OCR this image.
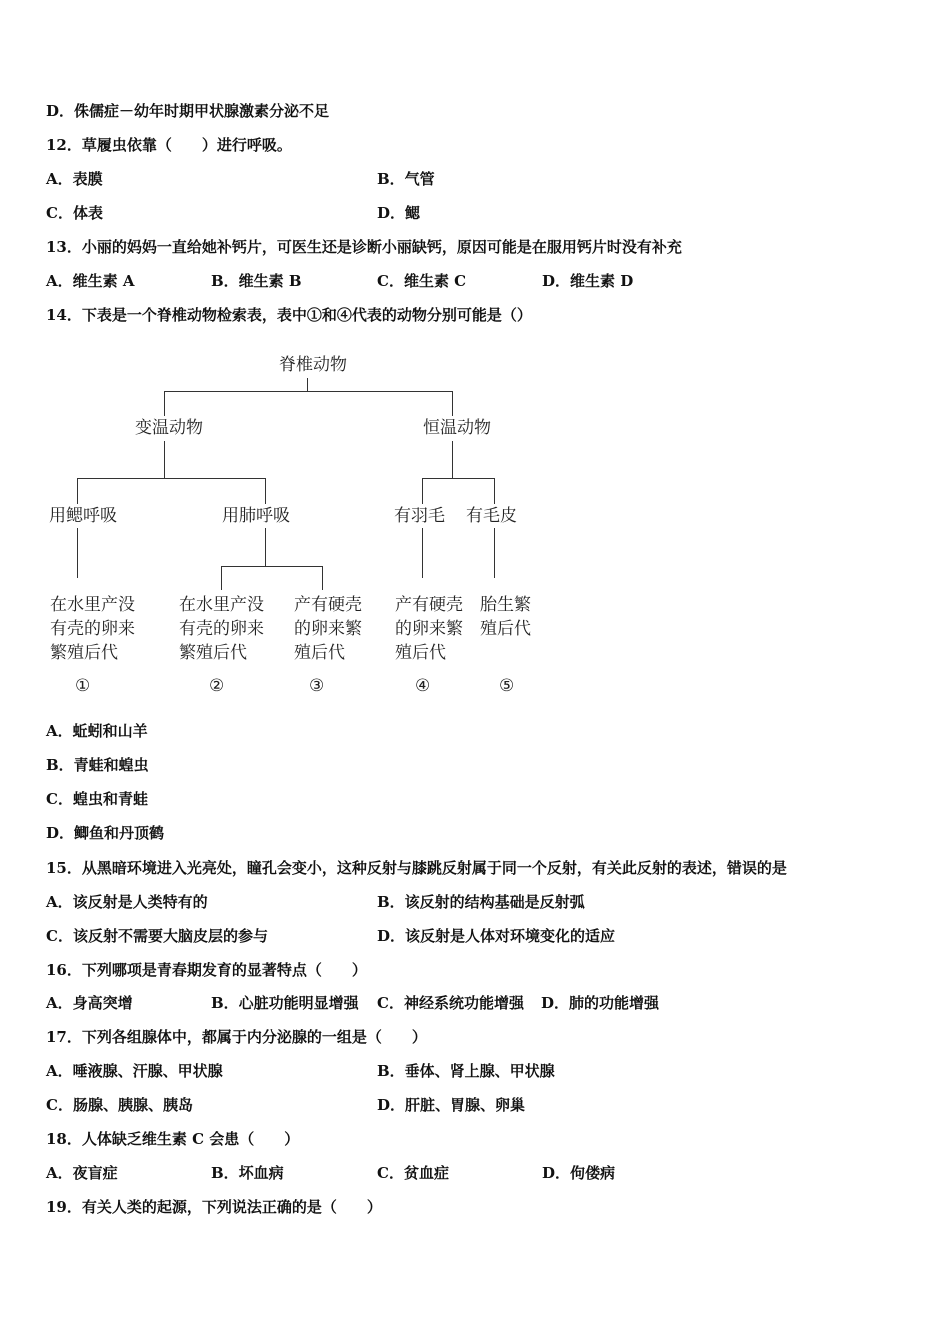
D．侏儒症－幼年时期甲状腺激素分泌不足
12．草履虫依靠（　　）进行呼吸。
A．表膜	B．气管
C．体表	D．鳃
13．小丽的妈妈一直给她补钙片，可医生还是诊断小丽缺钙，原因可能是在服用钙片时没有补充
A．维生素 A	B．维生素 B	C．维生素 C	D．维生素 D
14．下表是一个脊椎动物检索表，表中①和④代表的动物分别可能是（）
脊椎动物
变温动物	恒温动物
用鳃呼吸	用肺呼吸	有羽毛 有毛皮
在水里产没
有壳的卵来
繁殖后代
在水里产没
有壳的卵来
繁殖后代
产有硬壳
的卵来繁
殖后代
产有硬壳
的卵来繁
殖后代
胎生繁
殖后代
①	②	③	④	⑤
A．蚯蚓和山羊
B．青蛙和蝗虫
C．蝗虫和青蛙
D．鲫鱼和丹顶鹤
15．从黑暗环境进入光亮处，瞳孔会变小，这种反射与膝跳反射属于同一个反射，有关此反射的表述，错误的是
A．该反射是人类特有的	B．该反射的结构基础是反射弧
C．该反射不需要大脑皮层的参与	D．该反射是人体对环境变化的适应
16．下列哪项是青春期发育的显著特点（　　）
A．身高突增	B．心脏功能明显增强 C．神经系统功能增强 D．肺的功能增强
17．下列各组腺体中，都属于内分泌腺的一组是（　　）
A．唾液腺、汗腺、甲状腺	B．垂体、肾上腺、甲状腺
C．肠腺、胰腺、胰岛	D．肝脏、胃腺、卵巢
18．人体缺乏维生素 C 会患（　　）
A．夜盲症	B．坏血病	C．贫血症	D．佝偻病
19．有关人类的起源，下列说法正确的是（　　）
